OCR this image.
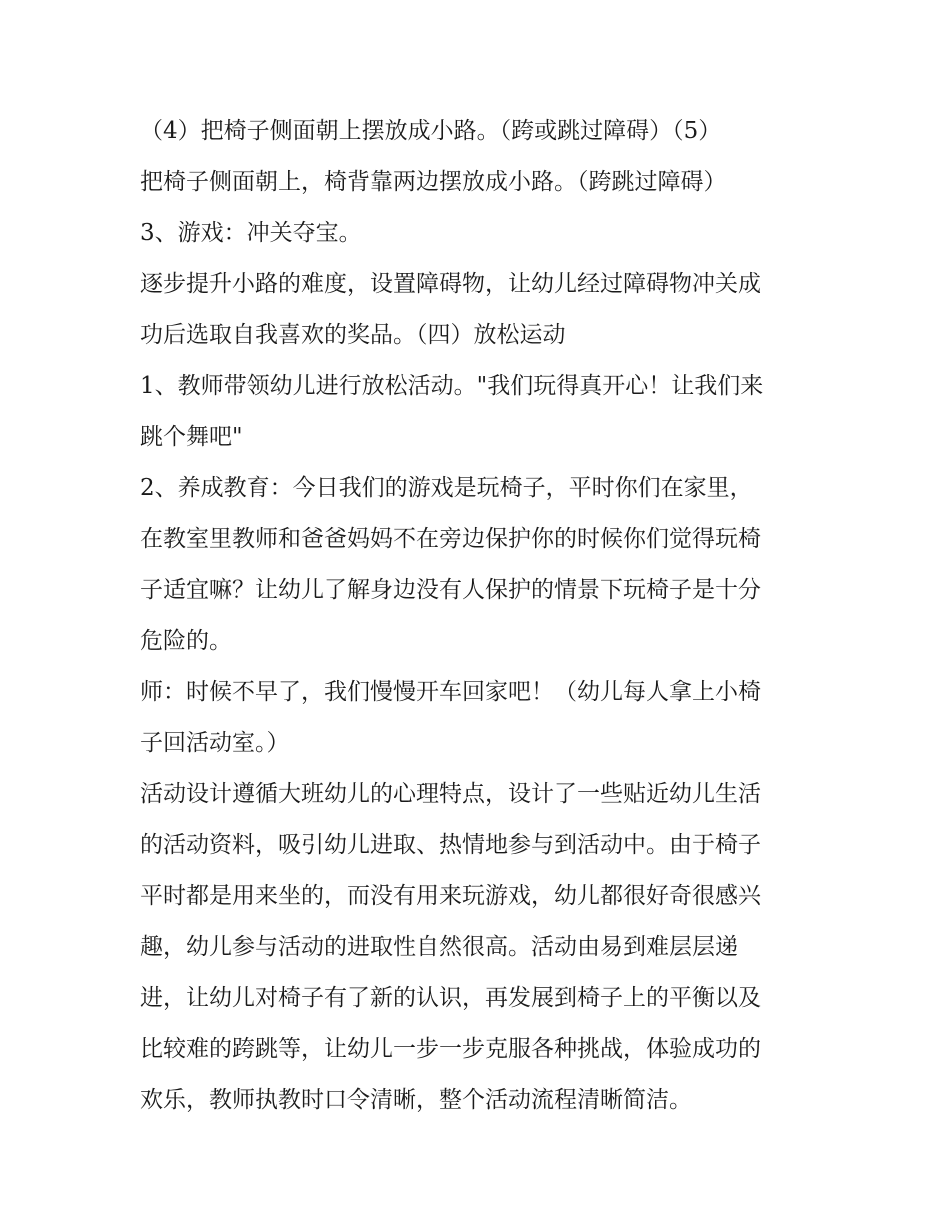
（4）把椅子侧面朝上摆放成小路。（跨或跳过障碍）（5）
把椅子侧面朝上，椅背靠两边摆放成小路。（跨跳过障碍）
3、游戏：冲关夺宝。
逐步提升小路的难度，设置障碍物，让幼儿经过障碍物冲关成
功后选取自我喜欢的奖品。（四）放松运动
1、教师带领幼儿进行放松活动。"我们玩得真开心！让我们来
跳个舞吧"
2、养成教育：今日我们的游戏是玩椅子，平时你们在家里，
在教室里教师和爸爸妈妈不在旁边保护你的时候你们觉得玩椅
子适宜嘛？让幼儿了解身边没有人保护的情景下玩椅子是十分
危险的。
师：时候不早了，我们慢慢开车回家吧！（幼儿每人拿上小椅
子回活动室。）
活动设计遵循大班幼儿的心理特点，设计了一些贴近幼儿生活
的活动资料，吸引幼儿进取、热情地参与到活动中。由于椅子
平时都是用来坐的，而没有用来玩游戏，幼儿都很好奇很感兴
趣，幼儿参与活动的进取性自然很高。活动由易到难层层递
进，让幼儿对椅子有了新的认识，再发展到椅子上的平衡以及
比较难的跨跳等，让幼儿一步一步克服各种挑战，体验成功的
欢乐，教师执教时口令清晰，整个活动流程清晰简洁。
